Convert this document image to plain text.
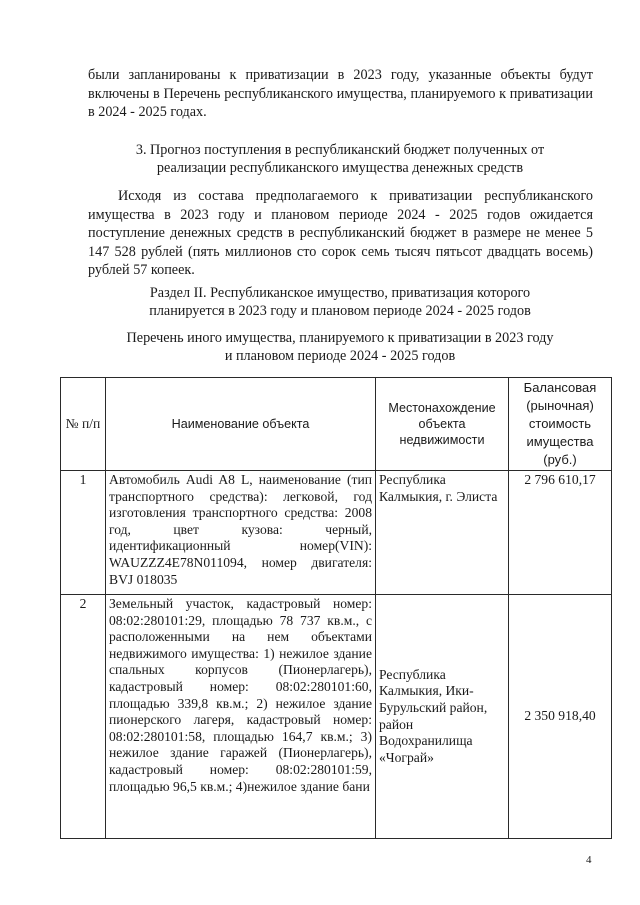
были запланированы к приватизации в 2023 году, указанные объекты будут включены в Перечень республиканского имущества, планируемого к приватизации в 2024 - 2025 годах.

3. Прогноз поступления в республиканский бюджет полученных от

реализации республиканского имущества денежных средств

Исходя из состава предполагаемого к приватизации республиканского имущества в 2023 году и плановом периоде 2024 - 2025 годов ожидается поступление денежных средств в республиканский бюджет в размере не менее 5 147 528 рублей (пять миллионов сто сорок семь тысяч пятьсот двадцать восемь) рублей 57 копеек.

Раздел II. Республиканское имущество, приватизация которого

планируется в 2023 году и плановом периоде 2024 - 2025 годов

Перечень иного имущества, планируемого к приватизации в 2023 году

и плановом периоде 2024 - 2025 годов

№ п/п	Наименование объекта	Местонахождение объекта недвижимости	Балансовая (рыночная) стоимость имущества (руб.)
1	Автомобиль Audi A8 L, наименование (тип транспортного средства): легковой, год изготовления транспортного средства: 2008 год, цвет кузова: черный, идентификационный номер(VIN): WAUZZZ4E78N011094, номер двигателя: BVJ 018035	Республика Калмыкия, г. Элиста	2 796 610,17
2	Земельный участок, кадастровый номер: 08:02:280101:29, площадью 78 737 кв.м., с расположенными на нем объектами недвижимого имущества: 1) нежилое здание спальных корпусов (Пионерлагерь), кадастровый номер: 08:02:280101:60, площадью 339,8 кв.м.; 2) нежилое здание пионерского лагеря, кадастровый номер: 08:02:280101:58, площадью 164,7 кв.м.; 3) нежилое здание гаражей (Пионерлагерь), кадастровый номер: 08:02:280101:59, площадью 96,5 кв.м.; 4)нежилое здание бани	Республика Калмыкия, Ики-Бурульский район, район Водохранилища «Чограй»	2 350 918,40
4
